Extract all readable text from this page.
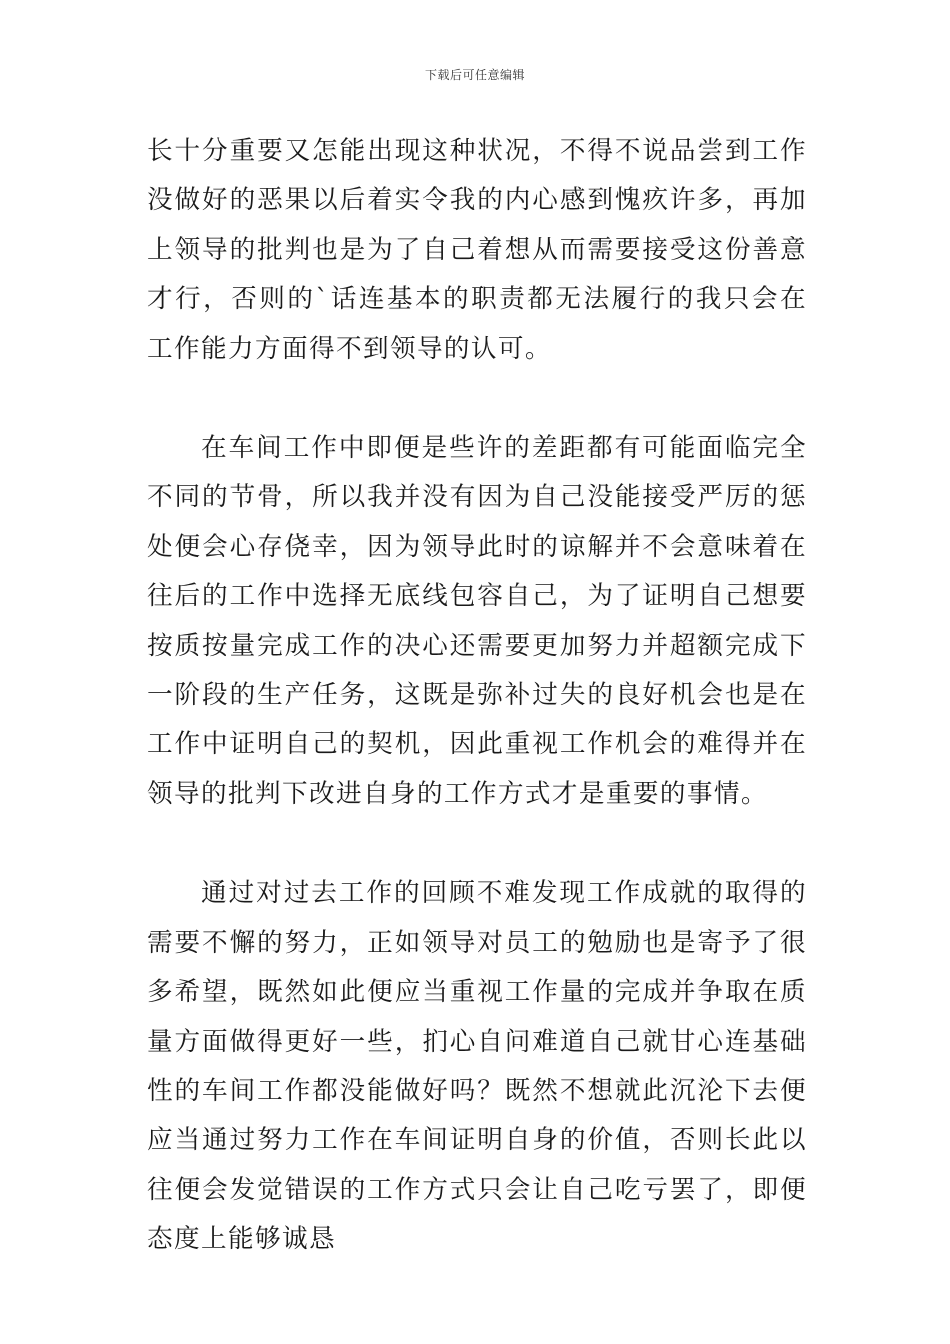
下载后可任意编辑

长十分重要又怎能出现这种状况，不得不说品尝到工作没做好的恶果以后着实令我的内心感到愧疚许多，再加上领导的批判也是为了自己着想从而需要接受这份善意才行，否则的`话连基本的职责都无法履行的我只会在工作能力方面得不到领导的认可。

在车间工作中即便是些许的差距都有可能面临完全不同的节骨，所以我并没有因为自己没能接受严厉的惩处便会心存侥幸，因为领导此时的谅解并不会意味着在往后的工作中选择无底线包容自己，为了证明自己想要按质按量完成工作的决心还需要更加努力并超额完成下一阶段的生产任务，这既是弥补过失的良好机会也是在工作中证明自己的契机，因此重视工作机会的难得并在领导的批判下改进自身的工作方式才是重要的事情。

通过对过去工作的回顾不难发现工作成就的取得的需要不懈的努力，正如领导对员工的勉励也是寄予了很多希望，既然如此便应当重视工作量的完成并争取在质量方面做得更好一些，扪心自问难道自己就甘心连基础性的车间工作都没能做好吗？既然不想就此沉沦下去便应当通过努力工作在车间证明自身的价值，否则长此以往便会发觉错误的工作方式只会让自己吃亏罢了，即便态度上能够诚恳
